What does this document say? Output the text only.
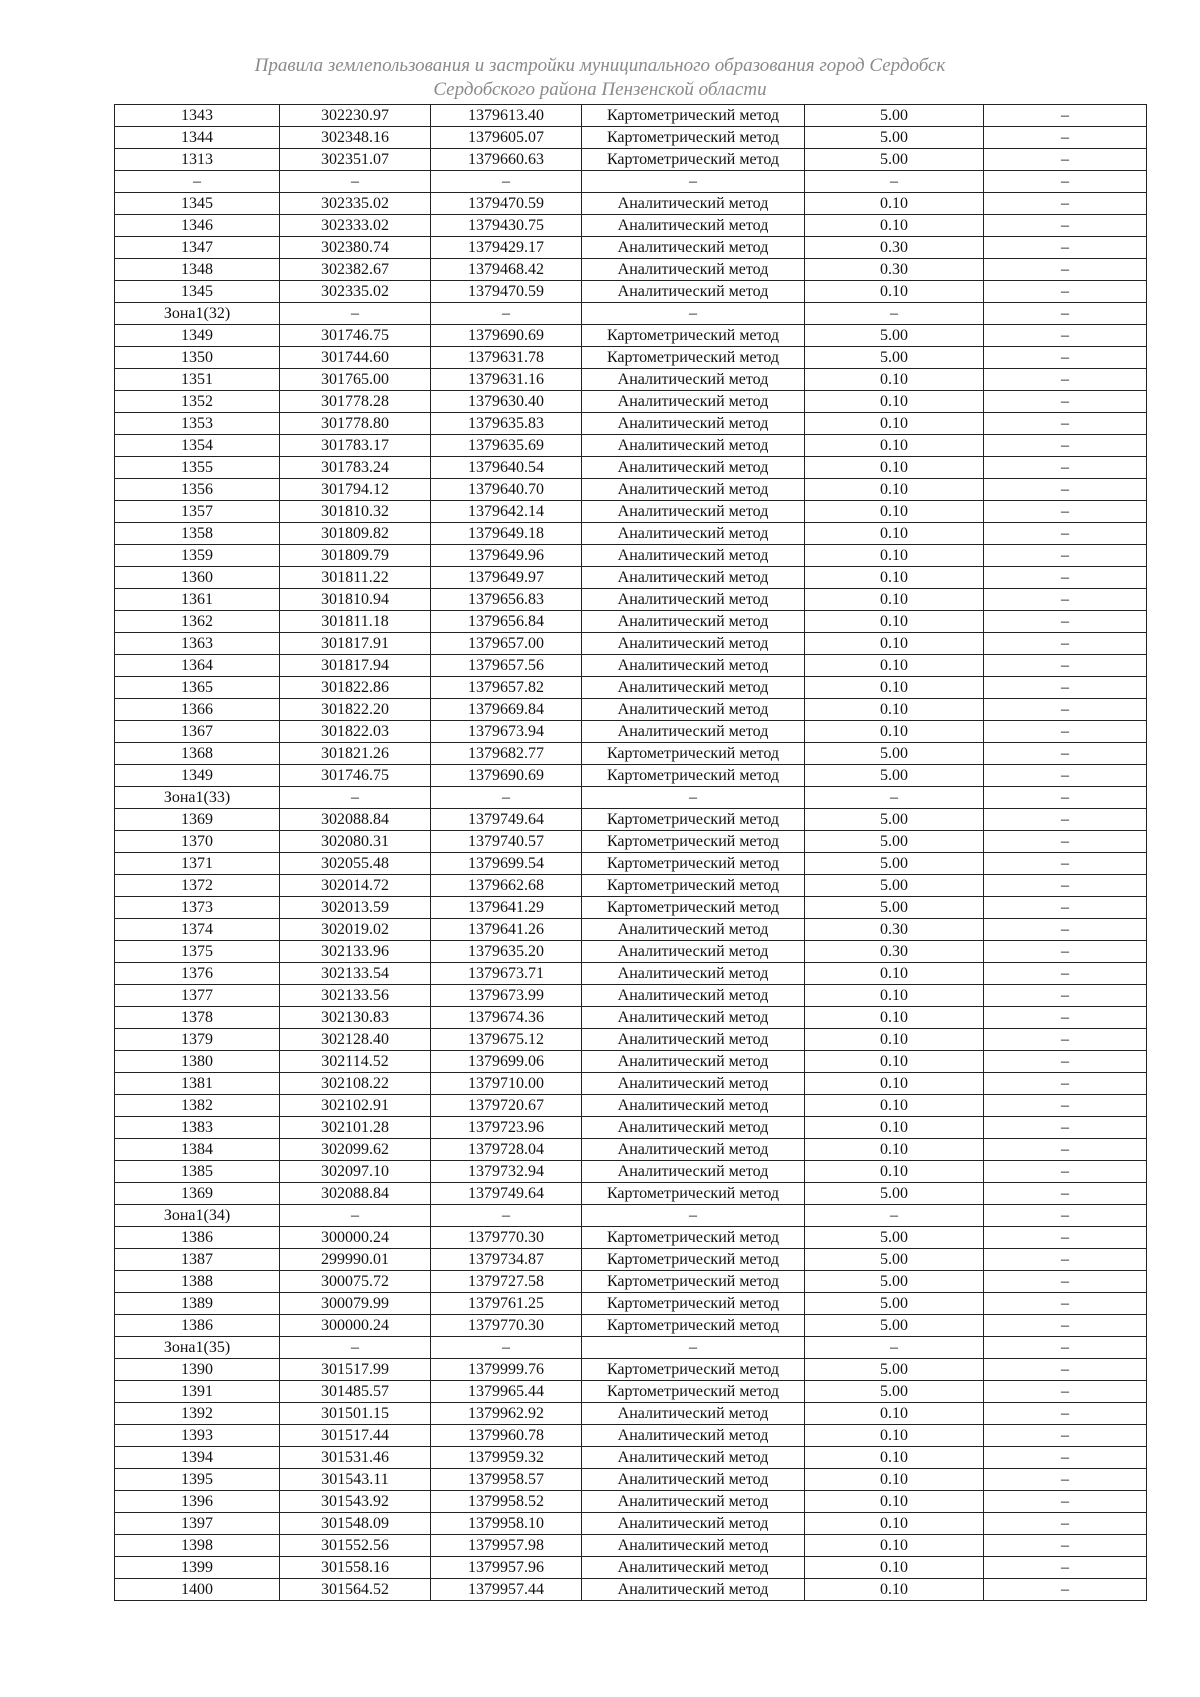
Правила землепользования и застройки муниципального образования город Сердобск
Сердобского района Пензенской области
1343	302230.97	1379613.40	Картометрический метод	5.00	–
1344	302348.16	1379605.07	Картометрический метод	5.00	–
1313	302351.07	1379660.63	Картометрический метод	5.00	–
–	–	–	–	–	–
1345	302335.02	1379470.59	Аналитический метод	0.10	–
1346	302333.02	1379430.75	Аналитический метод	0.10	–
1347	302380.74	1379429.17	Аналитический метод	0.30	–
1348	302382.67	1379468.42	Аналитический метод	0.30	–
1345	302335.02	1379470.59	Аналитический метод	0.10	–
Зона1(32)	–	–	–	–	–
1349	301746.75	1379690.69	Картометрический метод	5.00	–
1350	301744.60	1379631.78	Картометрический метод	5.00	–
1351	301765.00	1379631.16	Аналитический метод	0.10	–
1352	301778.28	1379630.40	Аналитический метод	0.10	–
1353	301778.80	1379635.83	Аналитический метод	0.10	–
1354	301783.17	1379635.69	Аналитический метод	0.10	–
1355	301783.24	1379640.54	Аналитический метод	0.10	–
1356	301794.12	1379640.70	Аналитический метод	0.10	–
1357	301810.32	1379642.14	Аналитический метод	0.10	–
1358	301809.82	1379649.18	Аналитический метод	0.10	–
1359	301809.79	1379649.96	Аналитический метод	0.10	–
1360	301811.22	1379649.97	Аналитический метод	0.10	–
1361	301810.94	1379656.83	Аналитический метод	0.10	–
1362	301811.18	1379656.84	Аналитический метод	0.10	–
1363	301817.91	1379657.00	Аналитический метод	0.10	–
1364	301817.94	1379657.56	Аналитический метод	0.10	–
1365	301822.86	1379657.82	Аналитический метод	0.10	–
1366	301822.20	1379669.84	Аналитический метод	0.10	–
1367	301822.03	1379673.94	Аналитический метод	0.10	–
1368	301821.26	1379682.77	Картометрический метод	5.00	–
1349	301746.75	1379690.69	Картометрический метод	5.00	–
Зона1(33)	–	–	–	–	–
1369	302088.84	1379749.64	Картометрический метод	5.00	–
1370	302080.31	1379740.57	Картометрический метод	5.00	–
1371	302055.48	1379699.54	Картометрический метод	5.00	–
1372	302014.72	1379662.68	Картометрический метод	5.00	–
1373	302013.59	1379641.29	Картометрический метод	5.00	–
1374	302019.02	1379641.26	Аналитический метод	0.30	–
1375	302133.96	1379635.20	Аналитический метод	0.30	–
1376	302133.54	1379673.71	Аналитический метод	0.10	–
1377	302133.56	1379673.99	Аналитический метод	0.10	–
1378	302130.83	1379674.36	Аналитический метод	0.10	–
1379	302128.40	1379675.12	Аналитический метод	0.10	–
1380	302114.52	1379699.06	Аналитический метод	0.10	–
1381	302108.22	1379710.00	Аналитический метод	0.10	–
1382	302102.91	1379720.67	Аналитический метод	0.10	–
1383	302101.28	1379723.96	Аналитический метод	0.10	–
1384	302099.62	1379728.04	Аналитический метод	0.10	–
1385	302097.10	1379732.94	Аналитический метод	0.10	–
1369	302088.84	1379749.64	Картометрический метод	5.00	–
Зона1(34)	–	–	–	–	–
1386	300000.24	1379770.30	Картометрический метод	5.00	–
1387	299990.01	1379734.87	Картометрический метод	5.00	–
1388	300075.72	1379727.58	Картометрический метод	5.00	–
1389	300079.99	1379761.25	Картометрический метод	5.00	–
1386	300000.24	1379770.30	Картометрический метод	5.00	–
Зона1(35)	–	–	–	–	–
1390	301517.99	1379999.76	Картометрический метод	5.00	–
1391	301485.57	1379965.44	Картометрический метод	5.00	–
1392	301501.15	1379962.92	Аналитический метод	0.10	–
1393	301517.44	1379960.78	Аналитический метод	0.10	–
1394	301531.46	1379959.32	Аналитический метод	0.10	–
1395	301543.11	1379958.57	Аналитический метод	0.10	–
1396	301543.92	1379958.52	Аналитический метод	0.10	–
1397	301548.09	1379958.10	Аналитический метод	0.10	–
1398	301552.56	1379957.98	Аналитический метод	0.10	–
1399	301558.16	1379957.96	Аналитический метод	0.10	–
1400	301564.52	1379957.44	Аналитический метод	0.10	–
